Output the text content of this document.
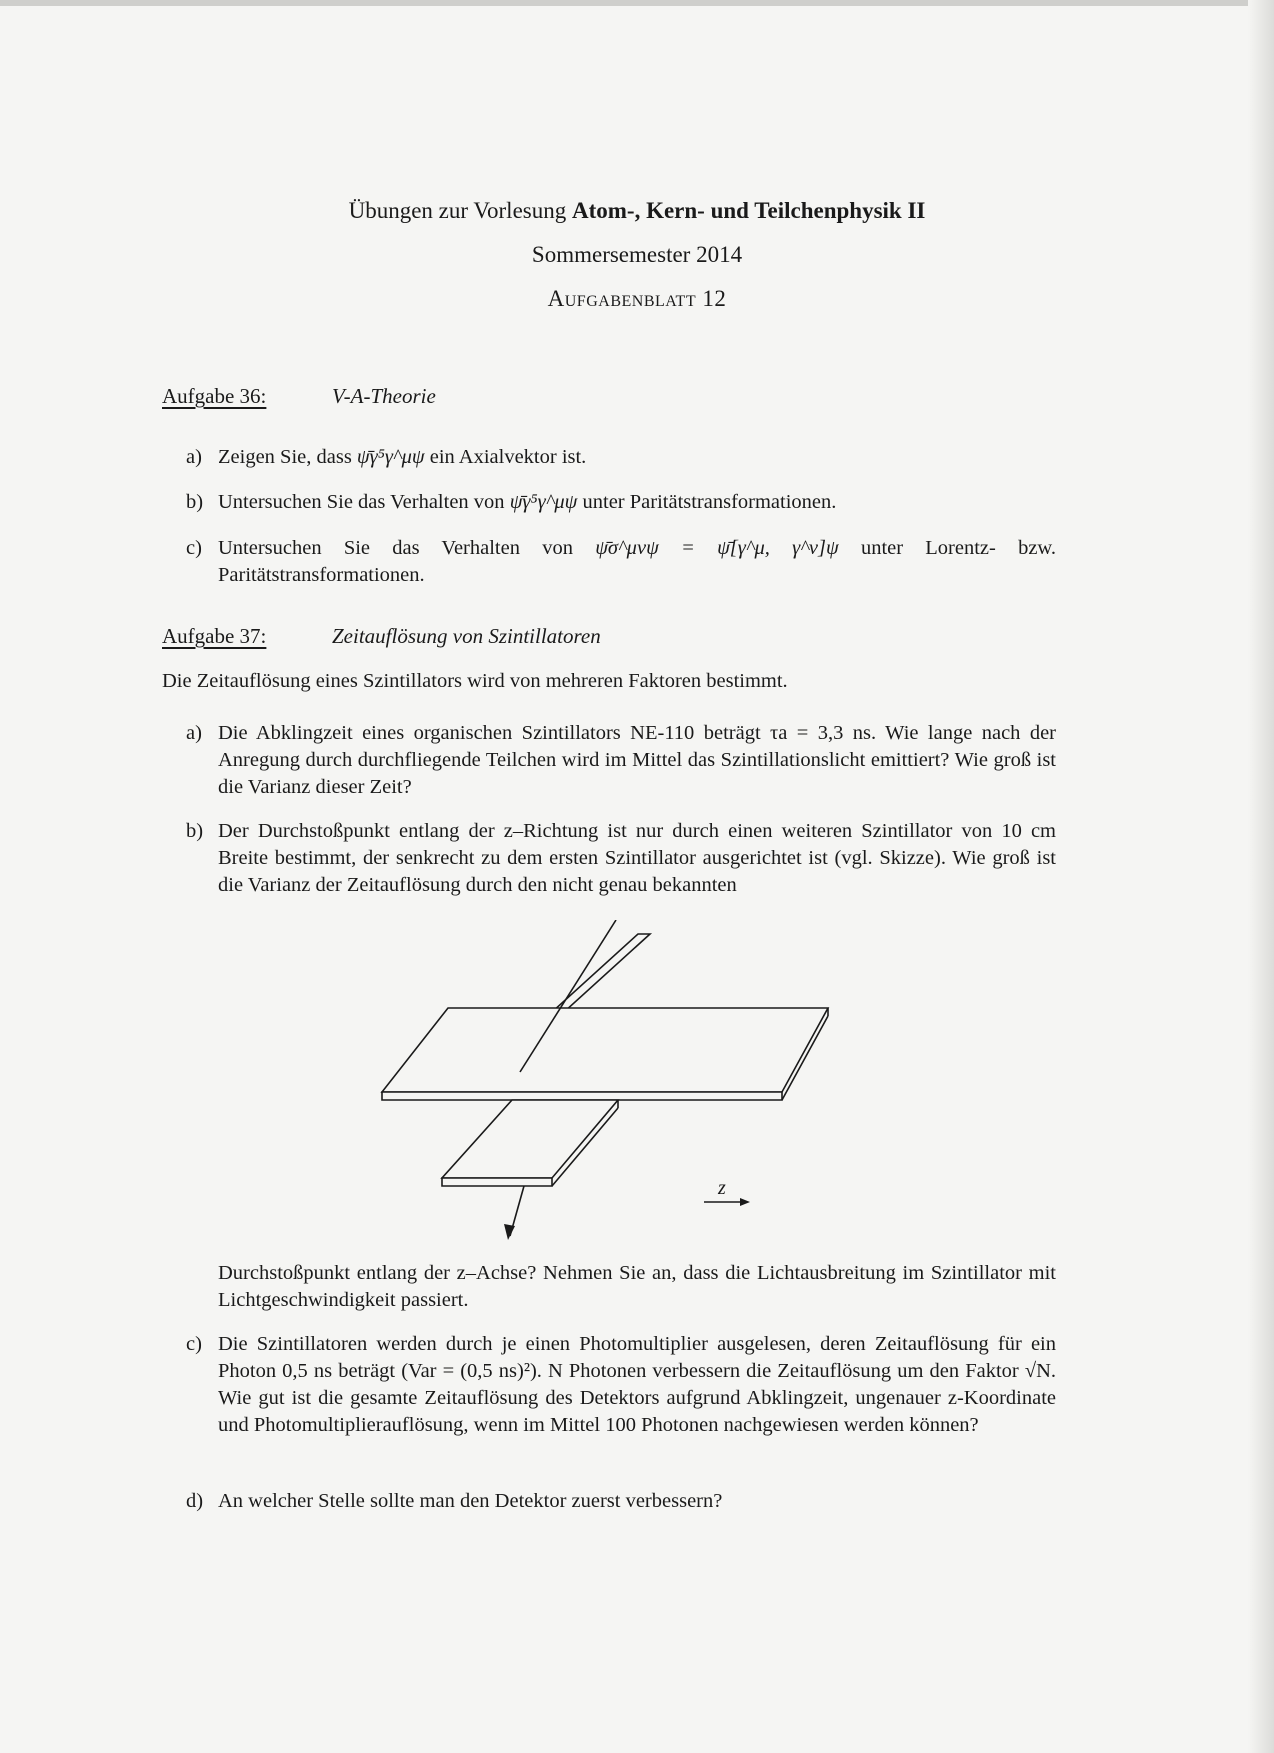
Übungen zur Vorlesung Atom-, Kern- und Teilchenphysik II
Sommersemester 2014
Aufgabenblatt 12
Aufgabe 36:	V-A-Theorie
a) Zeigen Sie, dass ψ̄γ⁵γ^μψ ein Axialvektor ist.
b) Untersuchen Sie das Verhalten von ψ̄γ⁵γ^μψ unter Paritätstransformationen.
c) Untersuchen Sie das Verhalten von ψ̄σ^μνψ = ψ̄[γ^μ, γ^ν]ψ unter Lorentz- bzw. Paritätstransformationen.
Aufgabe 37:	Zeitauflösung von Szintillatoren
Die Zeitauflösung eines Szintillators wird von mehreren Faktoren bestimmt.
a) Die Abklingzeit eines organischen Szintillators NE-110 beträgt τa = 3,3 ns. Wie lange nach der Anregung durch durchfliegende Teilchen wird im Mittel das Szintillationslicht emittiert? Wie groß ist die Varianz dieser Zeit?
b) Der Durchstoßpunkt entlang der z–Richtung ist nur durch einen weiteren Szintillator von 10 cm Breite bestimmt, der senkrecht zu dem ersten Szintillator ausgerichtet ist (vgl. Skizze). Wie groß ist die Varianz der Zeitauflösung durch den nicht genau bekannten
z
Durchstoßpunkt entlang der z–Achse? Nehmen Sie an, dass die Lichtausbreitung im Szintillator mit Lichtgeschwindigkeit passiert.
c) Die Szintillatoren werden durch je einen Photomultiplier ausgelesen, deren Zeitauflösung für ein Photon 0,5 ns beträgt (Var = (0,5 ns)²). N Photonen verbessern die Zeitauflösung um den Faktor √N. Wie gut ist die gesamte Zeitauflösung des Detektors aufgrund Abklingzeit, ungenauer z-Koordinate und Photomultiplierauflösung, wenn im Mittel 100 Photonen nachgewiesen werden können?
d) An welcher Stelle sollte man den Detektor zuerst verbessern?
